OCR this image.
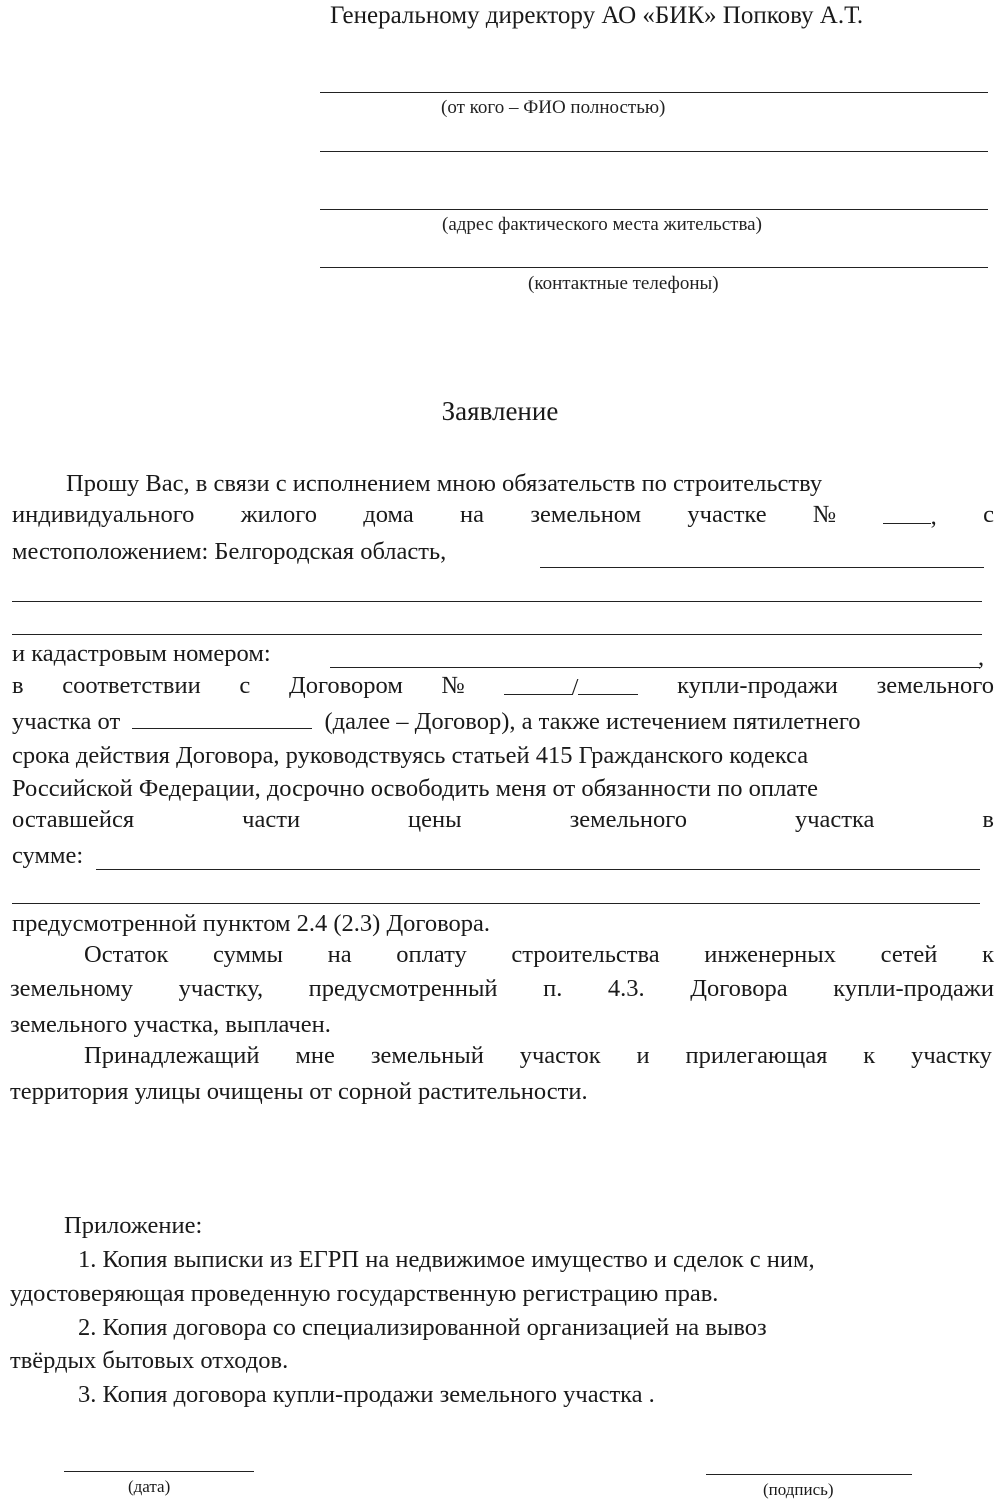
Генеральному директору АО «БИК» Попкову А.Т.
(от кого – ФИО полностью)
(адрес фактического места жительства)
(контактные телефоны)
Заявление
Прошу Вас, в связи с исполнением мною обязательств по строительству
индивидуального жилого дома на земельном участке №	, с
местоположением: Белгородская область,
и кадастровым номером:	,
в соответствии с Договором №	/	купли-продажи земельного
участка от	(далее – Договор), а также истечением пятилетнего
срока действия Договора, руководствуясь статьей 415 Гражданского кодекса
Российской Федерации, досрочно освободить меня от обязанности по оплате
оставшейся	части	цены	земельного	участка	в
сумме:
предусмотренной пунктом 2.4 (2.3) Договора.
Остаток суммы на оплату строительства инженерных сетей к
земельному участку, предусмотренный п. 4.3. Договора купли-продажи
земельного участка, выплачен.
Принадлежащий мне земельный участок и прилегающая к участку
территория улицы очищены от сорной растительности.
Приложение:
1. Копия выписки из ЕГРП на недвижимое имущество и сделок с ним,
удостоверяющая проведенную государственную регистрацию прав.
2. Копия договора со специализированной организацией на вывоз
твёрдых бытовых отходов.
3. Копия договора купли-продажи земельного участка .
(дата)	(подпись)
